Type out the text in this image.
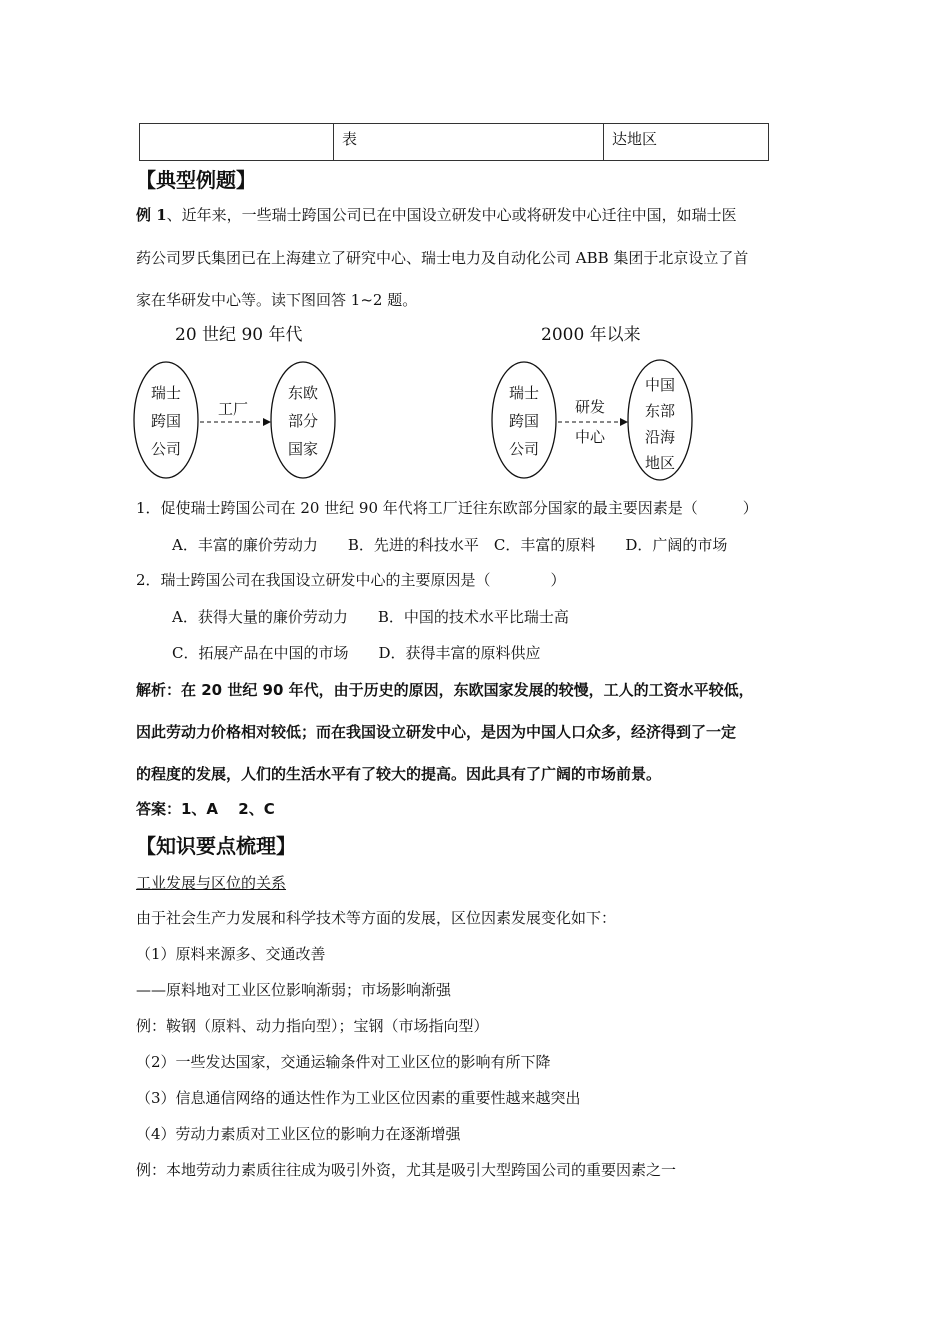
表	达地区
【典型例题】
例 1、近年来，一些瑞士跨国公司已在中国设立研发中心或将研发中心迁往中国，如瑞士医
药公司罗氏集团已在上海建立了研究中心、瑞士电力及自动化公司 ABB 集团于北京设立了首
家在华研发中心等。读下图回答 1~2 题。
20 世纪 90 年代	2000 年以来
瑞士
跨国
公司
工厂
东欧
部分
国家
瑞士
跨国
公司
研发
中心
中国
东部
沿海
地区
1．促使瑞士跨国公司在 20 世纪 90 年代将工厂迁往东欧部分国家的最主要因素是（　　　）
A．丰富的廉价劳动力　　B．先进的科技水平　C．丰富的原料　　D．广阔的市场
2．瑞士跨国公司在我国设立研发中心的主要原因是（　　　　）
A．获得大量的廉价劳动力　　B．中国的技术水平比瑞士高
C．拓展产品在中国的市场　　D．获得丰富的原料供应
解析：在 20 世纪 90 年代，由于历史的原因，东欧国家发展的较慢，工人的工资水平较低，
因此劳动力价格相对较低；而在我国设立研发中心，是因为中国人口众多，经济得到了一定
的程度的发展，人们的生活水平有了较大的提高。因此具有了广阔的市场前景。
答案：1、A　 2、C
【知识要点梳理】
工业发展与区位的关系
由于社会生产力发展和科学技术等方面的发展，区位因素发展变化如下：
（1）原料来源多、交通改善
——原料地对工业区位影响渐弱；市场影响渐强
例：鞍钢（原料、动力指向型）；宝钢（市场指向型）
（2）一些发达国家，交通运输条件对工业区位的影响有所下降
（3）信息通信网络的通达性作为工业区位因素的重要性越来越突出
（4）劳动力素质对工业区位的影响力在逐渐增强
例：本地劳动力素质往往成为吸引外资，尤其是吸引大型跨国公司的重要因素之一
